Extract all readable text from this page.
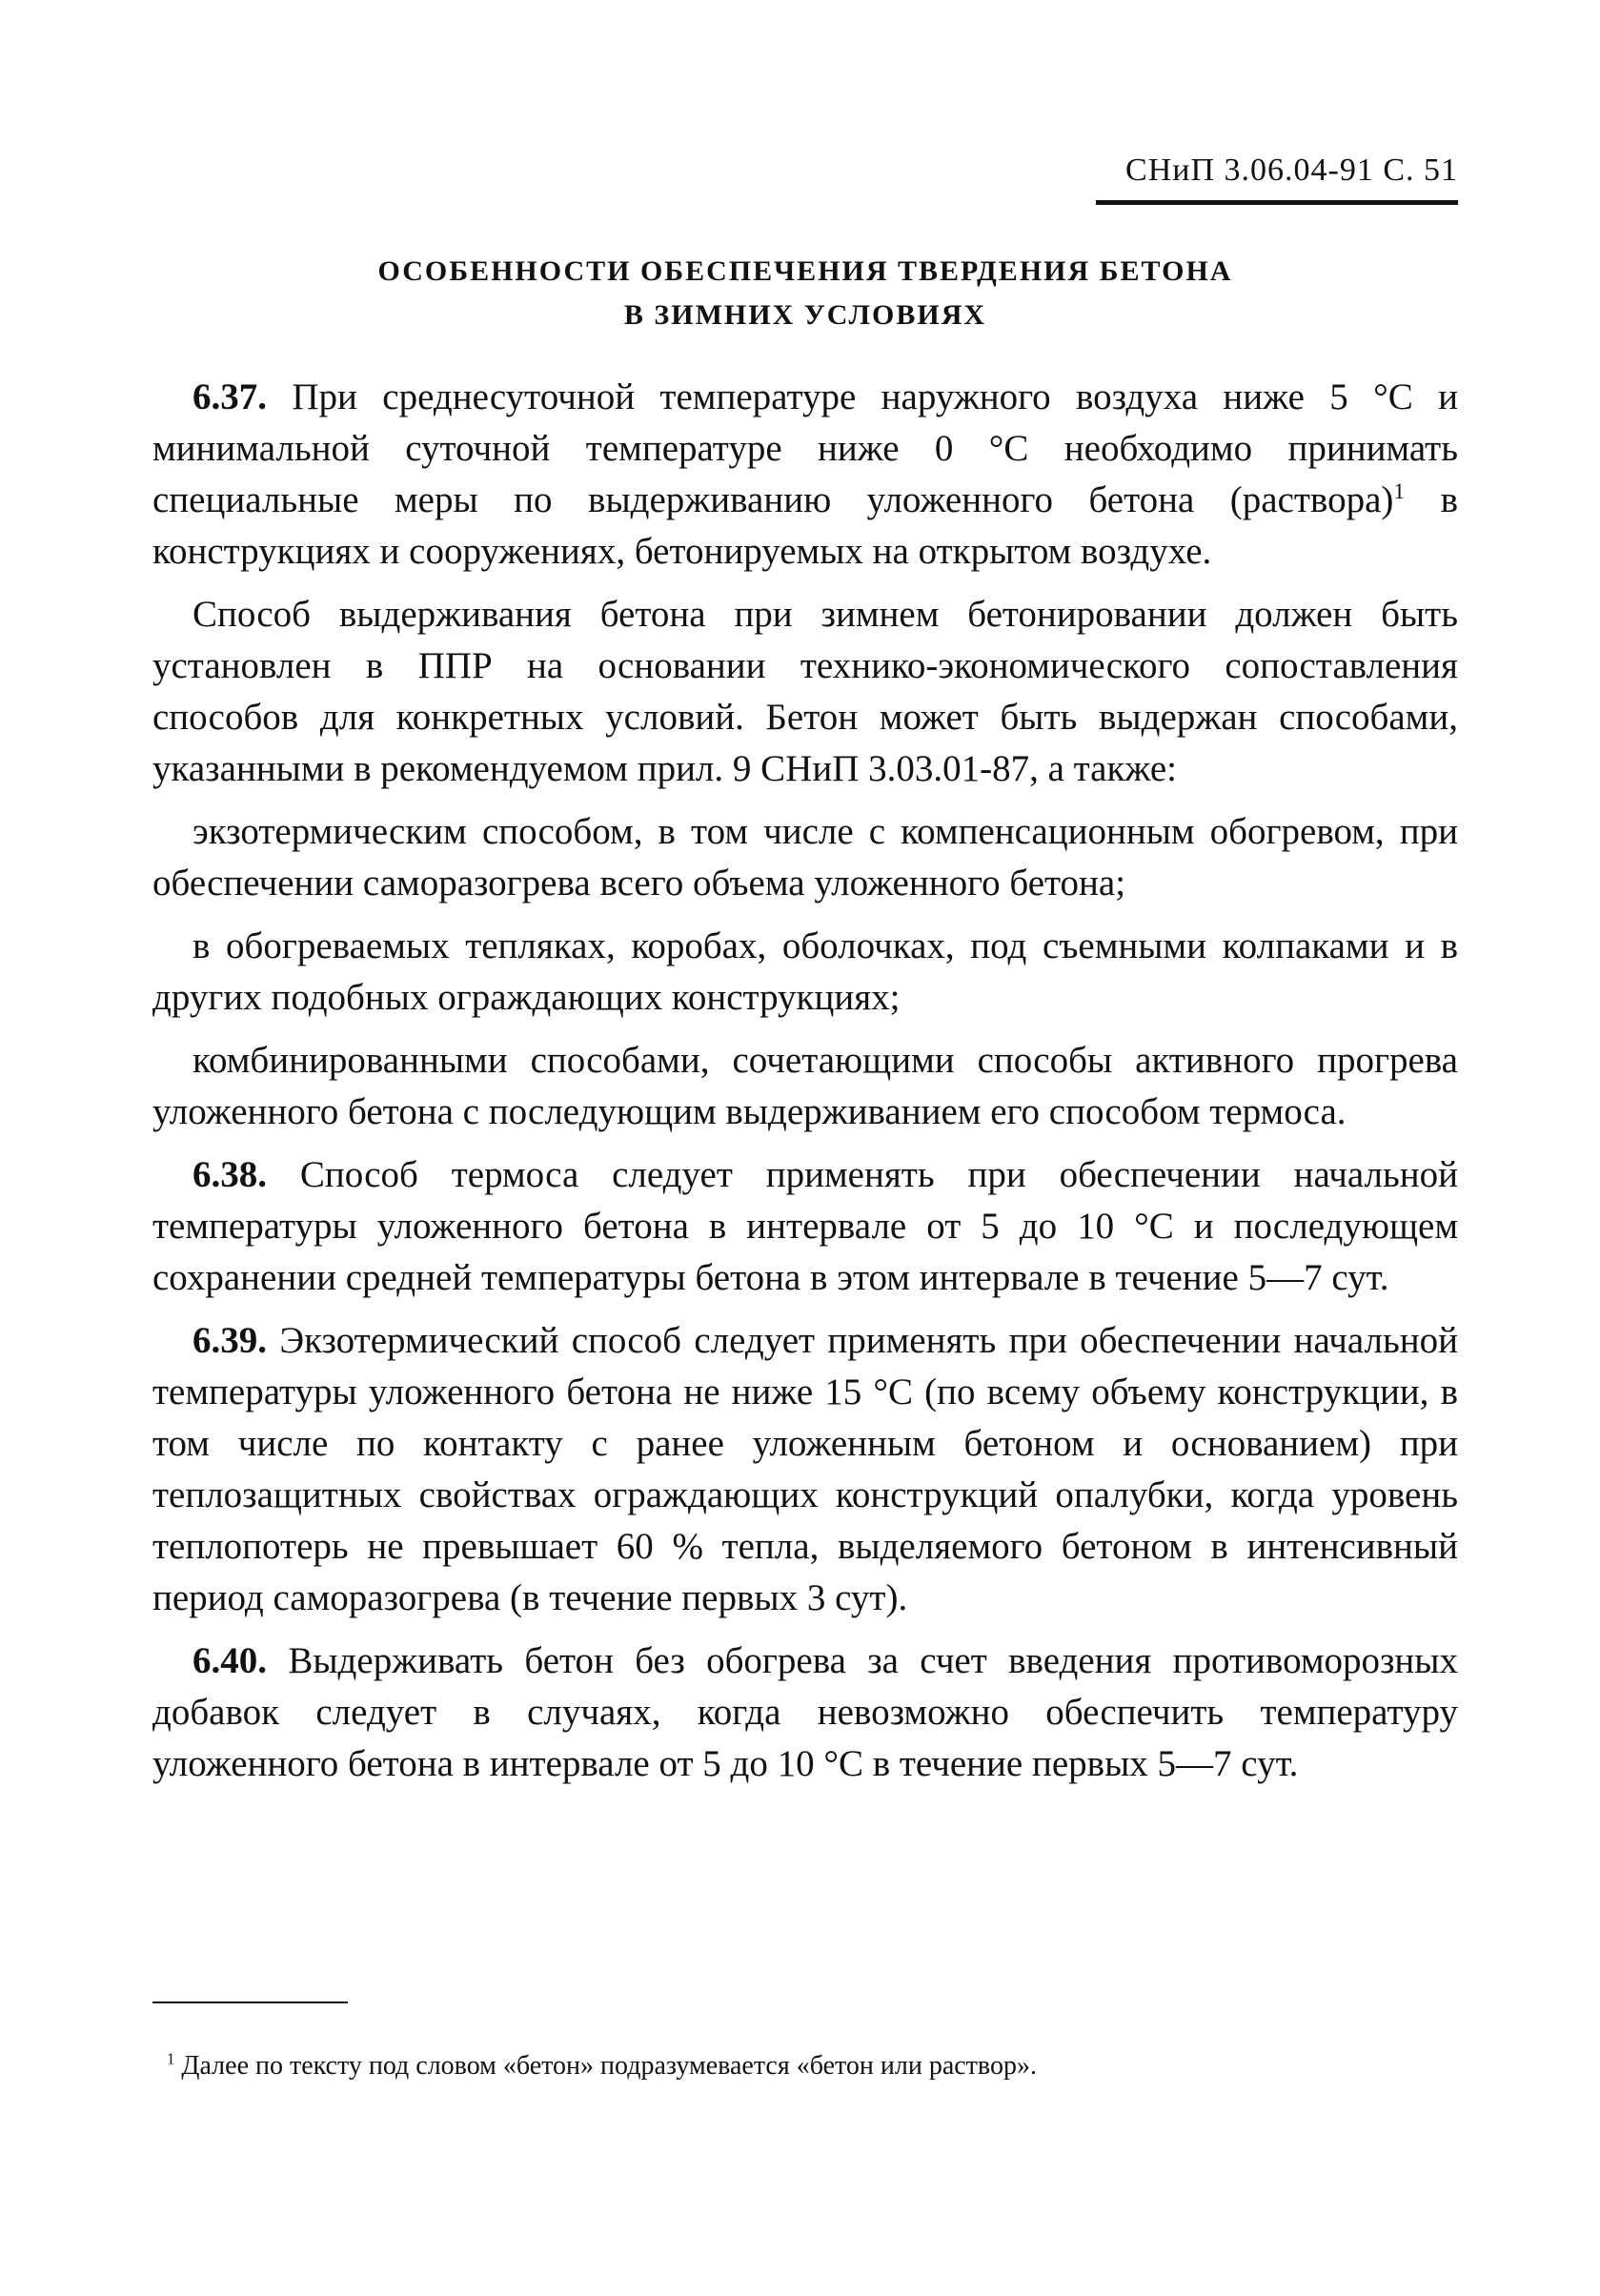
СНиП 3.06.04-91 С. 51
ОСОБЕННОСТИ ОБЕСПЕЧЕНИЯ ТВЕРДЕНИЯ БЕТОНА
В ЗИМНИХ УСЛОВИЯХ

6.37. При среднесуточной температуре наружного воздуха ниже 5 °С и минимальной суточной температуре ниже 0 °С необходимо принимать специальные меры по выдерживанию уложенного бетона (раствора)$^1$ в конструкциях и сооружениях, бетонируемых на открытом воздухе.

Способ выдерживания бетона при зимнем бетонировании должен быть установлен в ППР на основании технико-экономического сопоставления способов для конкретных условий. Бетон может быть выдержан способами, указанными в рекомендуемом прил. 9 СНиП 3.03.01-87, а также:

экзотермическим способом, в том числе с компенсационным обогревом, при обеспечении саморазогрева всего объема уложенного бетона;

в обогреваемых тепляках, коробах, оболочках, под съемными колпаками и в других подобных ограждающих конструкциях;

комбинированными способами, сочетающими способы активного прогрева уложенного бетона с последующим выдерживанием его способом термоса.

6.38. Способ термоса следует применять при обеспечении начальной температуры уложенного бетона в интервале от 5 до 10 °С и последующем сохранении средней температуры бетона в этом интервале в течение 5—7 сут.

6.39. Экзотермический способ следует применять при обеспечении начальной температуры уложенного бетона не ниже 15 °С (по всему объему конструкции, в том числе по контакту с ранее уложенным бетоном и основанием) при теплозащитных свойствах ограждающих конструкций опалубки, когда уровень теплопотерь не превышает 60 % тепла, выделяемого бетоном в интенсивный период саморазогрева (в течение первых 3 сут).

6.40. Выдерживать бетон без обогрева за счет введения противоморозных добавок следует в случаях, когда невозможно обеспечить температуру уложенного бетона в интервале от 5 до 10 °С в течение первых 5—7 сут.

$^1$ Далее по тексту под словом «бетон» подразумевается «бетон или раствор».
